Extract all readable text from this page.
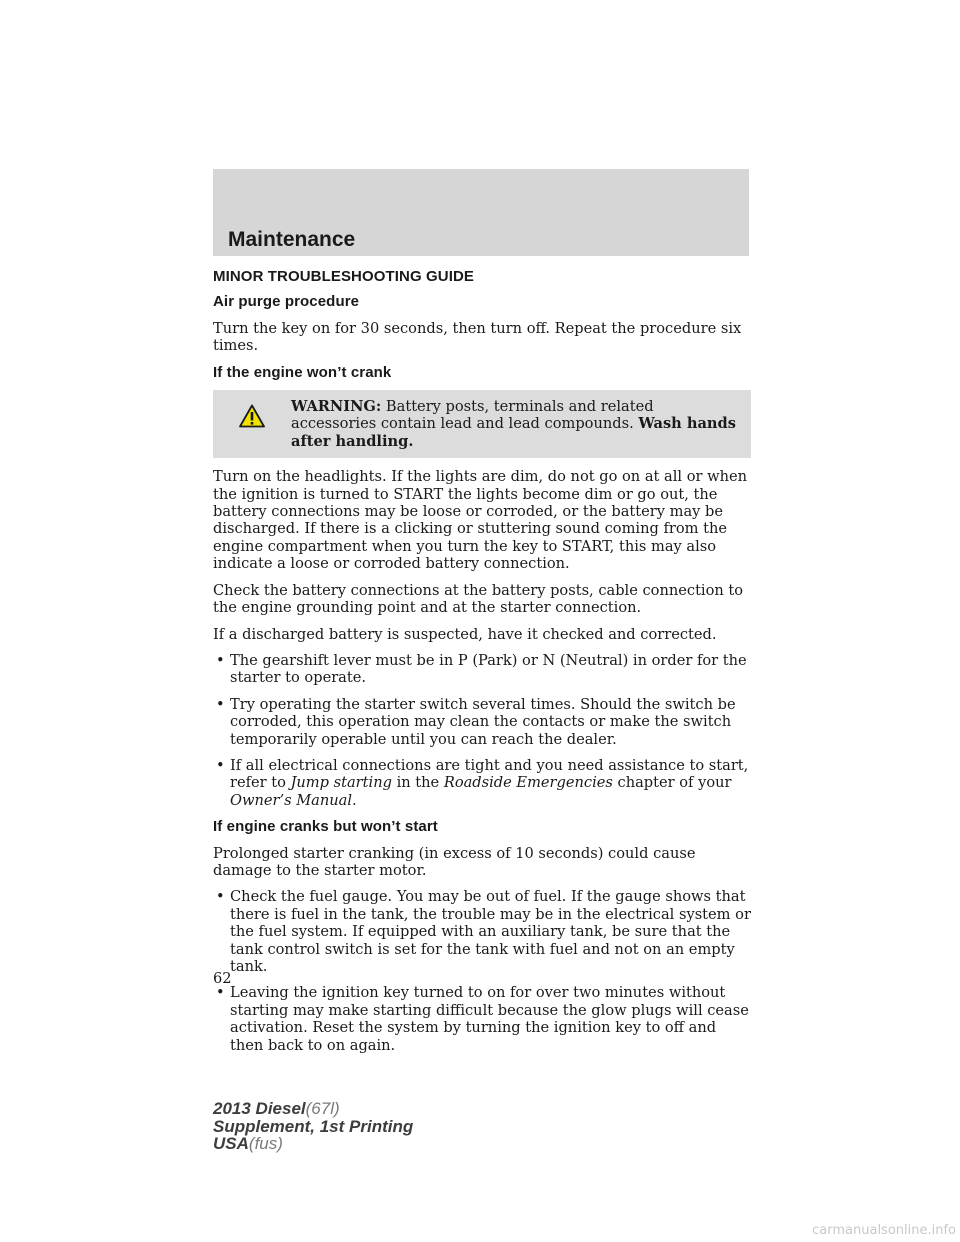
Maintenance
MINOR TROUBLESHOOTING GUIDE
Air purge procedure

Turn the key on for 30 seconds, then turn off. Repeat the procedure six times.

If the engine won’t crank
WARNING: Battery posts, terminals and related accessories contain lead and lead compounds. Wash hands after handling.

Turn on the headlights. If the lights are dim, do not go on at all or when the ignition is turned to START the lights become dim or go out, the battery connections may be loose or corroded, or the battery may be discharged. If there is a clicking or stuttering sound coming from the engine compartment when you turn the key to START, this may also indicate a loose or corroded battery connection.

Check the battery connections at the battery posts, cable connection to the engine grounding point and at the starter connection.

If a discharged battery is suspected, have it checked and corrected.

• The gearshift lever must be in P (Park) or N (Neutral) in order for the starter to operate.
• Try operating the starter switch several times. Should the switch be corroded, this operation may clean the contacts or make the switch temporarily operable until you can reach the dealer.
• If all electrical connections are tight and you need assistance to start, refer to Jump starting in the Roadside Emergencies chapter of your Owner’s Manual.
If engine cranks but won’t start

Prolonged starter cranking (in excess of 10 seconds) could cause damage to the starter motor.

• Check the fuel gauge. You may be out of fuel. If the gauge shows that there is fuel in the tank, the trouble may be in the electrical system or the fuel system. If equipped with an auxiliary tank, be sure that the tank control switch is set for the tank with fuel and not on an empty tank.
• Leaving the ignition key turned to on for over two minutes without starting may make starting difficult because the glow plugs will cease activation. Reset the system by turning the ignition key to off and then back to on again.
62
2013 Diesel(67l)
Supplement, 1st Printing
USA(fus)
carmanualsonline.info
